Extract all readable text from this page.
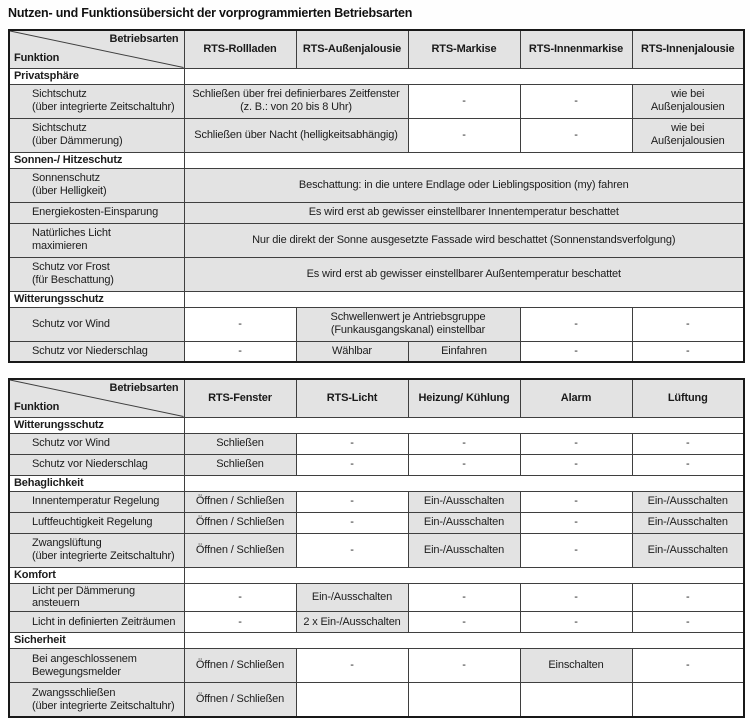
Nutzen- und Funktionsübersicht der vorprogrammierten Betriebsarten
Betriebsarten
Funktion	RTS-Rollladen	RTS-Außenjalousie	RTS-Markise	RTS-Innenmarkise	RTS-Innenjalousie
Privatsphäre					

Sichtschutz
(über integrierte Zeitschaltuhr)	Schließen über frei definierbares Zeitfenster (z. B.: von 20 bis 8 Uhr)		-	-	wie bei Außenjalousien

Sichtschutz
(über Dämmerung)	Schließen über Nacht (helligkeitsabhängig)		-	-	wie bei Außenjalousien
Sonnen-/ Hitzeschutz					

Sonnenschutz
(über Helligkeit)	Beschattung: in die untere Endlage oder Lieblingsposition (my) fahren				

Energiekosten-Einsparung	Es wird erst ab gewisser einstellbarer Innentemperatur beschattet				

Natürliches Licht
maximieren	Nur die direkt der Sonne ausgesetzte Fassade wird beschattet (Sonnenstandsverfolgung)				

Schutz vor Frost
(für Beschattung)	Es wird erst ab gewisser einstellbarer Außentemperatur beschattet				
Witterungsschutz					

Schutz vor Wind	-	Schwellenwert je Antriebsgruppe (Funkausgangskanal) einstellbar		-	-

Schutz vor Niederschlag	-	Wählbar	Einfahren	-	-
Betriebsarten
Funktion	RTS-Fenster	RTS-Licht	Heizung/ Kühlung	Alarm	Lüftung
Witterungsschutz					

Schutz vor Wind	Schließen	-	-	-	-

Schutz vor Niederschlag	Schließen	-	-	-	-
Behaglichkeit					

Innentemperatur Regelung	Öffnen / Schließen	-	Ein-/Ausschalten	-	Ein-/Ausschalten

Luftfeuchtigkeit Regelung	Öffnen / Schließen	-	Ein-/Ausschalten	-	Ein-/Ausschalten

Zwangslüftung
(über integrierte Zeitschaltuhr)	Öffnen / Schließen	-	Ein-/Ausschalten	-	Ein-/Ausschalten
Komfort					

Licht per Dämmerung ansteuern	-	Ein-/Ausschalten	-	-	-

Licht in definierten Zeiträumen	-	2 x Ein-/Ausschalten	-	-	-
Sicherheit					

Bei angeschlossenem
Bewegungsmelder	Öffnen / Schließen	-	-	Einschalten	-

Zwangsschließen
(über integrierte Zeitschaltuhr)	Öffnen / Schließen				
